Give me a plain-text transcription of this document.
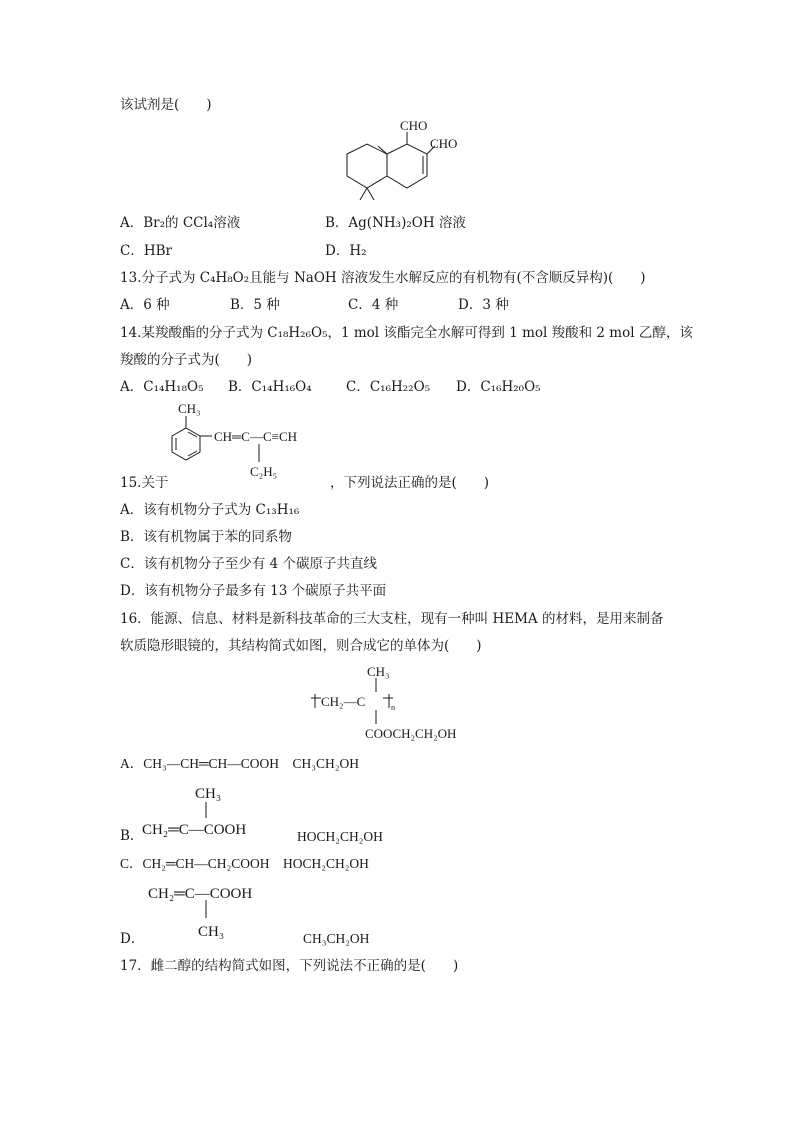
该试剂是(　　)
CHO
CHO
A．Br₂的 CCl₄溶液	B．Ag(NH₃)₂OH 溶液
C．HBr	D．H₂
13.分子式为 C₄H₈O₂且能与 NaOH 溶液发生水解反应的有机物有(不含顺反异构)(　　)
A．6 种	B．5 种	C．4 种	D．3 种
14.某羧酸酯的分子式为 C₁₈H₂₆O₅，1 mol 该酯完全水解可得到 1 mol 羧酸和 2 mol 乙醇，该
羧酸的分子式为(　　)
A．C₁₄H₁₈O₅ B．C₁₄H₁₆O₄	C．C₁₆H₂₂O₅ D．C₁₆H₂₀O₅
CH₃
CH═C—C≡CH
C₂H₅
15.关于	，下列说法正确的是(　　)
A．该有机物分子式为 C₁₃H₁₆
B．该有机物属于苯的同系物
C．该有机物分子至少有 4 个碳原子共直线
D．该有机物分子最多有 13 个碳原子共平面
16．能源、信息、材料是新科技革命的三大支柱，现有一种叫 HEMA 的材料，是用来制备
软质隐形眼镜的，其结构简式如图，则合成它的单体为(　　)
CH₃
CH₂—C	n
COOCH₂CH₂OH
A．CH₃—CH═CH—COOH　CH₃CH₂OH
B．
CH₃
CH₂═C—COOH	HOCH₂CH₂OH
C．CH₂═CH—CH₂COOH　HOCH₂CH₂OH
CH₂═C—COOH
CH₃
D．	CH₃CH₂OH
17．雌二醇的结构简式如图，下列说法不正确的是(　　)
